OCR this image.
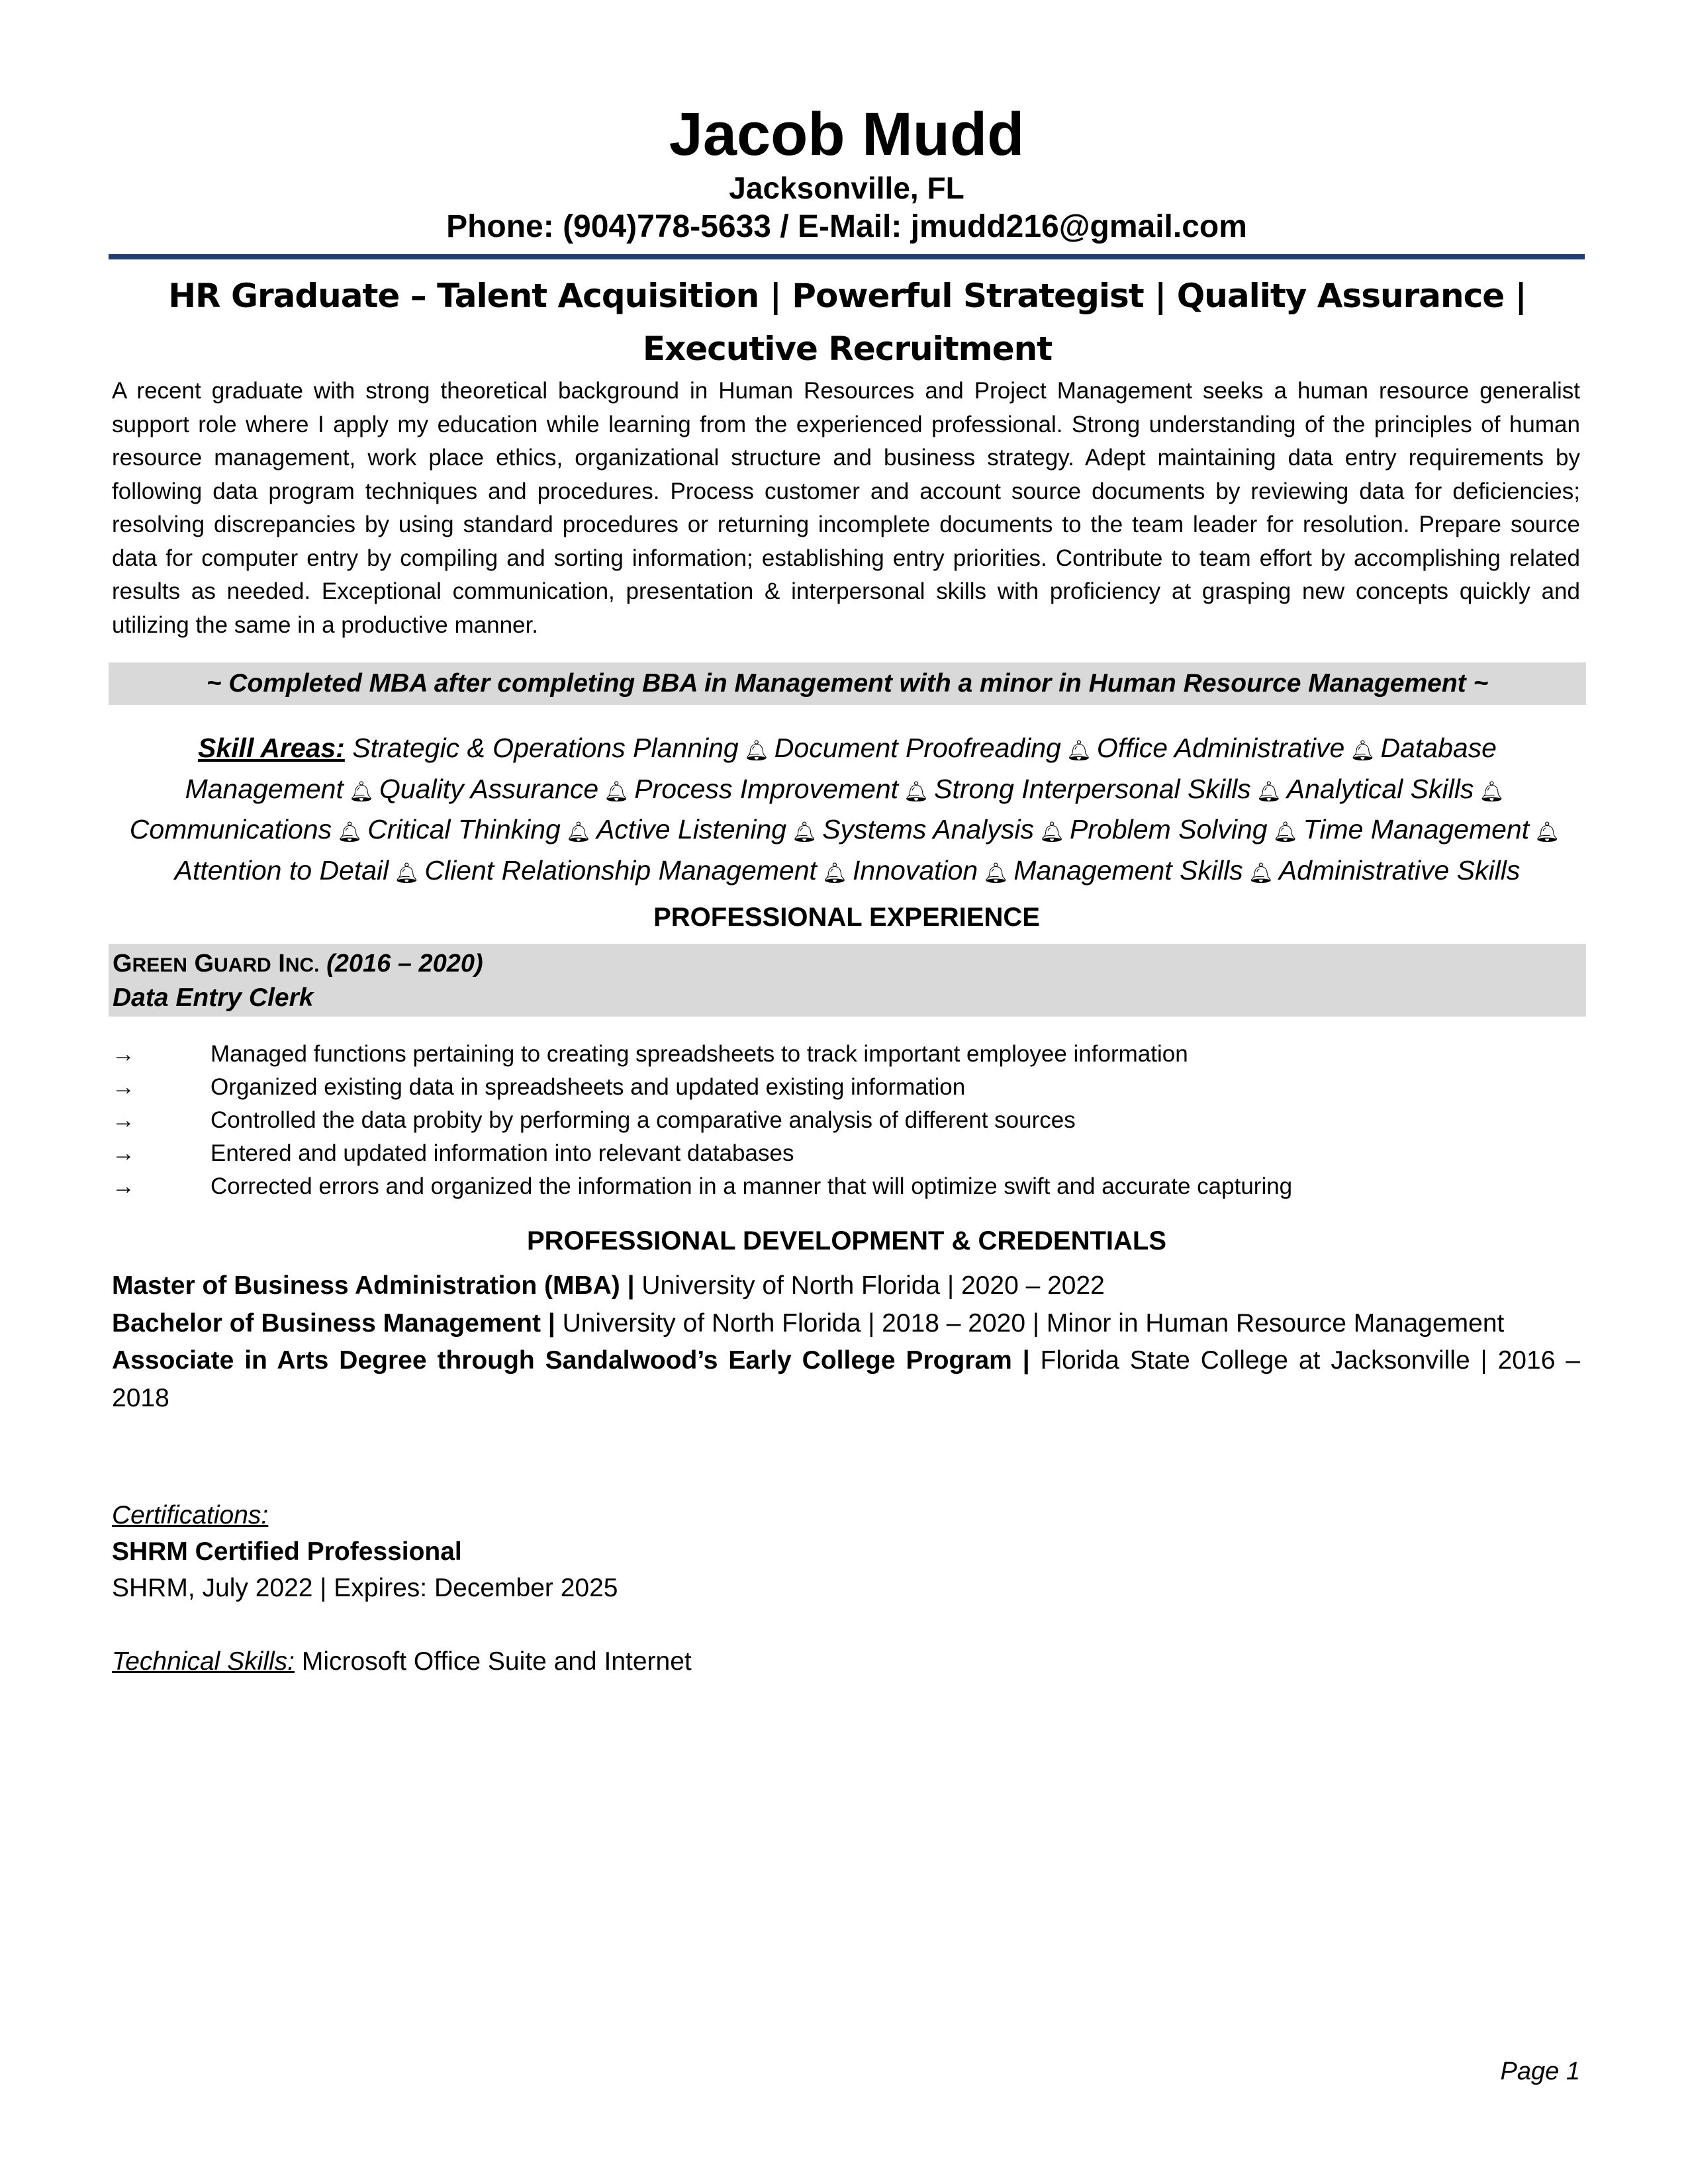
Jacob Mudd
Jacksonville, FL
Phone: (904)778-5633 / E-Mail: jmudd216@gmail.com
HR Graduate – Talent Acquisition | Powerful Strategist | Quality Assurance | Executive Recruitment
A recent graduate with strong theoretical background in Human Resources and Project Management seeks a human resource generalist support role where I apply my education while learning from the experienced professional. Strong understanding of the principles of human resource management, work place ethics, organizational structure and business strategy. Adept maintaining data entry requirements by following data program techniques and procedures. Process customer and account source documents by reviewing data for deficiencies; resolving discrepancies by using standard procedures or returning incomplete documents to the team leader for resolution. Prepare source data for computer entry by compiling and sorting information; establishing entry priorities. Contribute to team effort by accomplishing related results as needed. Exceptional communication, presentation & interpersonal skills with proficiency at grasping new concepts quickly and utilizing the same in a productive manner.
~ Completed MBA after completing BBA in Management with a minor in Human Resource Management ~
Skill Areas: Strategic & Operations Planning 🔔︎ Document Proofreading 🔔︎ Office Administrative 🔔︎ Database Management 🔔︎ Quality Assurance 🔔︎ Process Improvement 🔔︎ Strong Interpersonal Skills 🔔︎ Analytical Skills 🔔︎Communications 🔔︎ Critical Thinking 🔔︎ Active Listening 🔔︎ Systems Analysis 🔔︎ Problem Solving 🔔︎ Time Management 🔔︎Attention to Detail 🔔︎ Client Relationship Management 🔔︎ Innovation 🔔︎ Management Skills 🔔︎ Administrative Skills
PROFESSIONAL EXPERIENCE
GREEN GUARD INC. (2016 – 2020)
Data Entry Clerk
→	Managed functions pertaining to creating spreadsheets to track important employee information
→	Organized existing data in spreadsheets and updated existing information
→	Controlled the data probity by performing a comparative analysis of different sources
→	Entered and updated information into relevant databases
→	Corrected errors and organized the information in a manner that will optimize swift and accurate capturing
PROFESSIONAL DEVELOPMENT & CREDENTIALS

Master of Business Administration (MBA) | University of North Florida | 2020 – 2022

Bachelor of Business Management | University of North Florida | 2018 – 2020 | Minor in Human Resource Management

Associate in Arts Degree through Sandalwood’s Early College Program | Florida State College at Jacksonville | 2016 – 2018

Certifications:

SHRM Certified Professional

SHRM, July 2022 | Expires: December 2025

Technical Skills: Microsoft Office Suite and Internet
Page 1
